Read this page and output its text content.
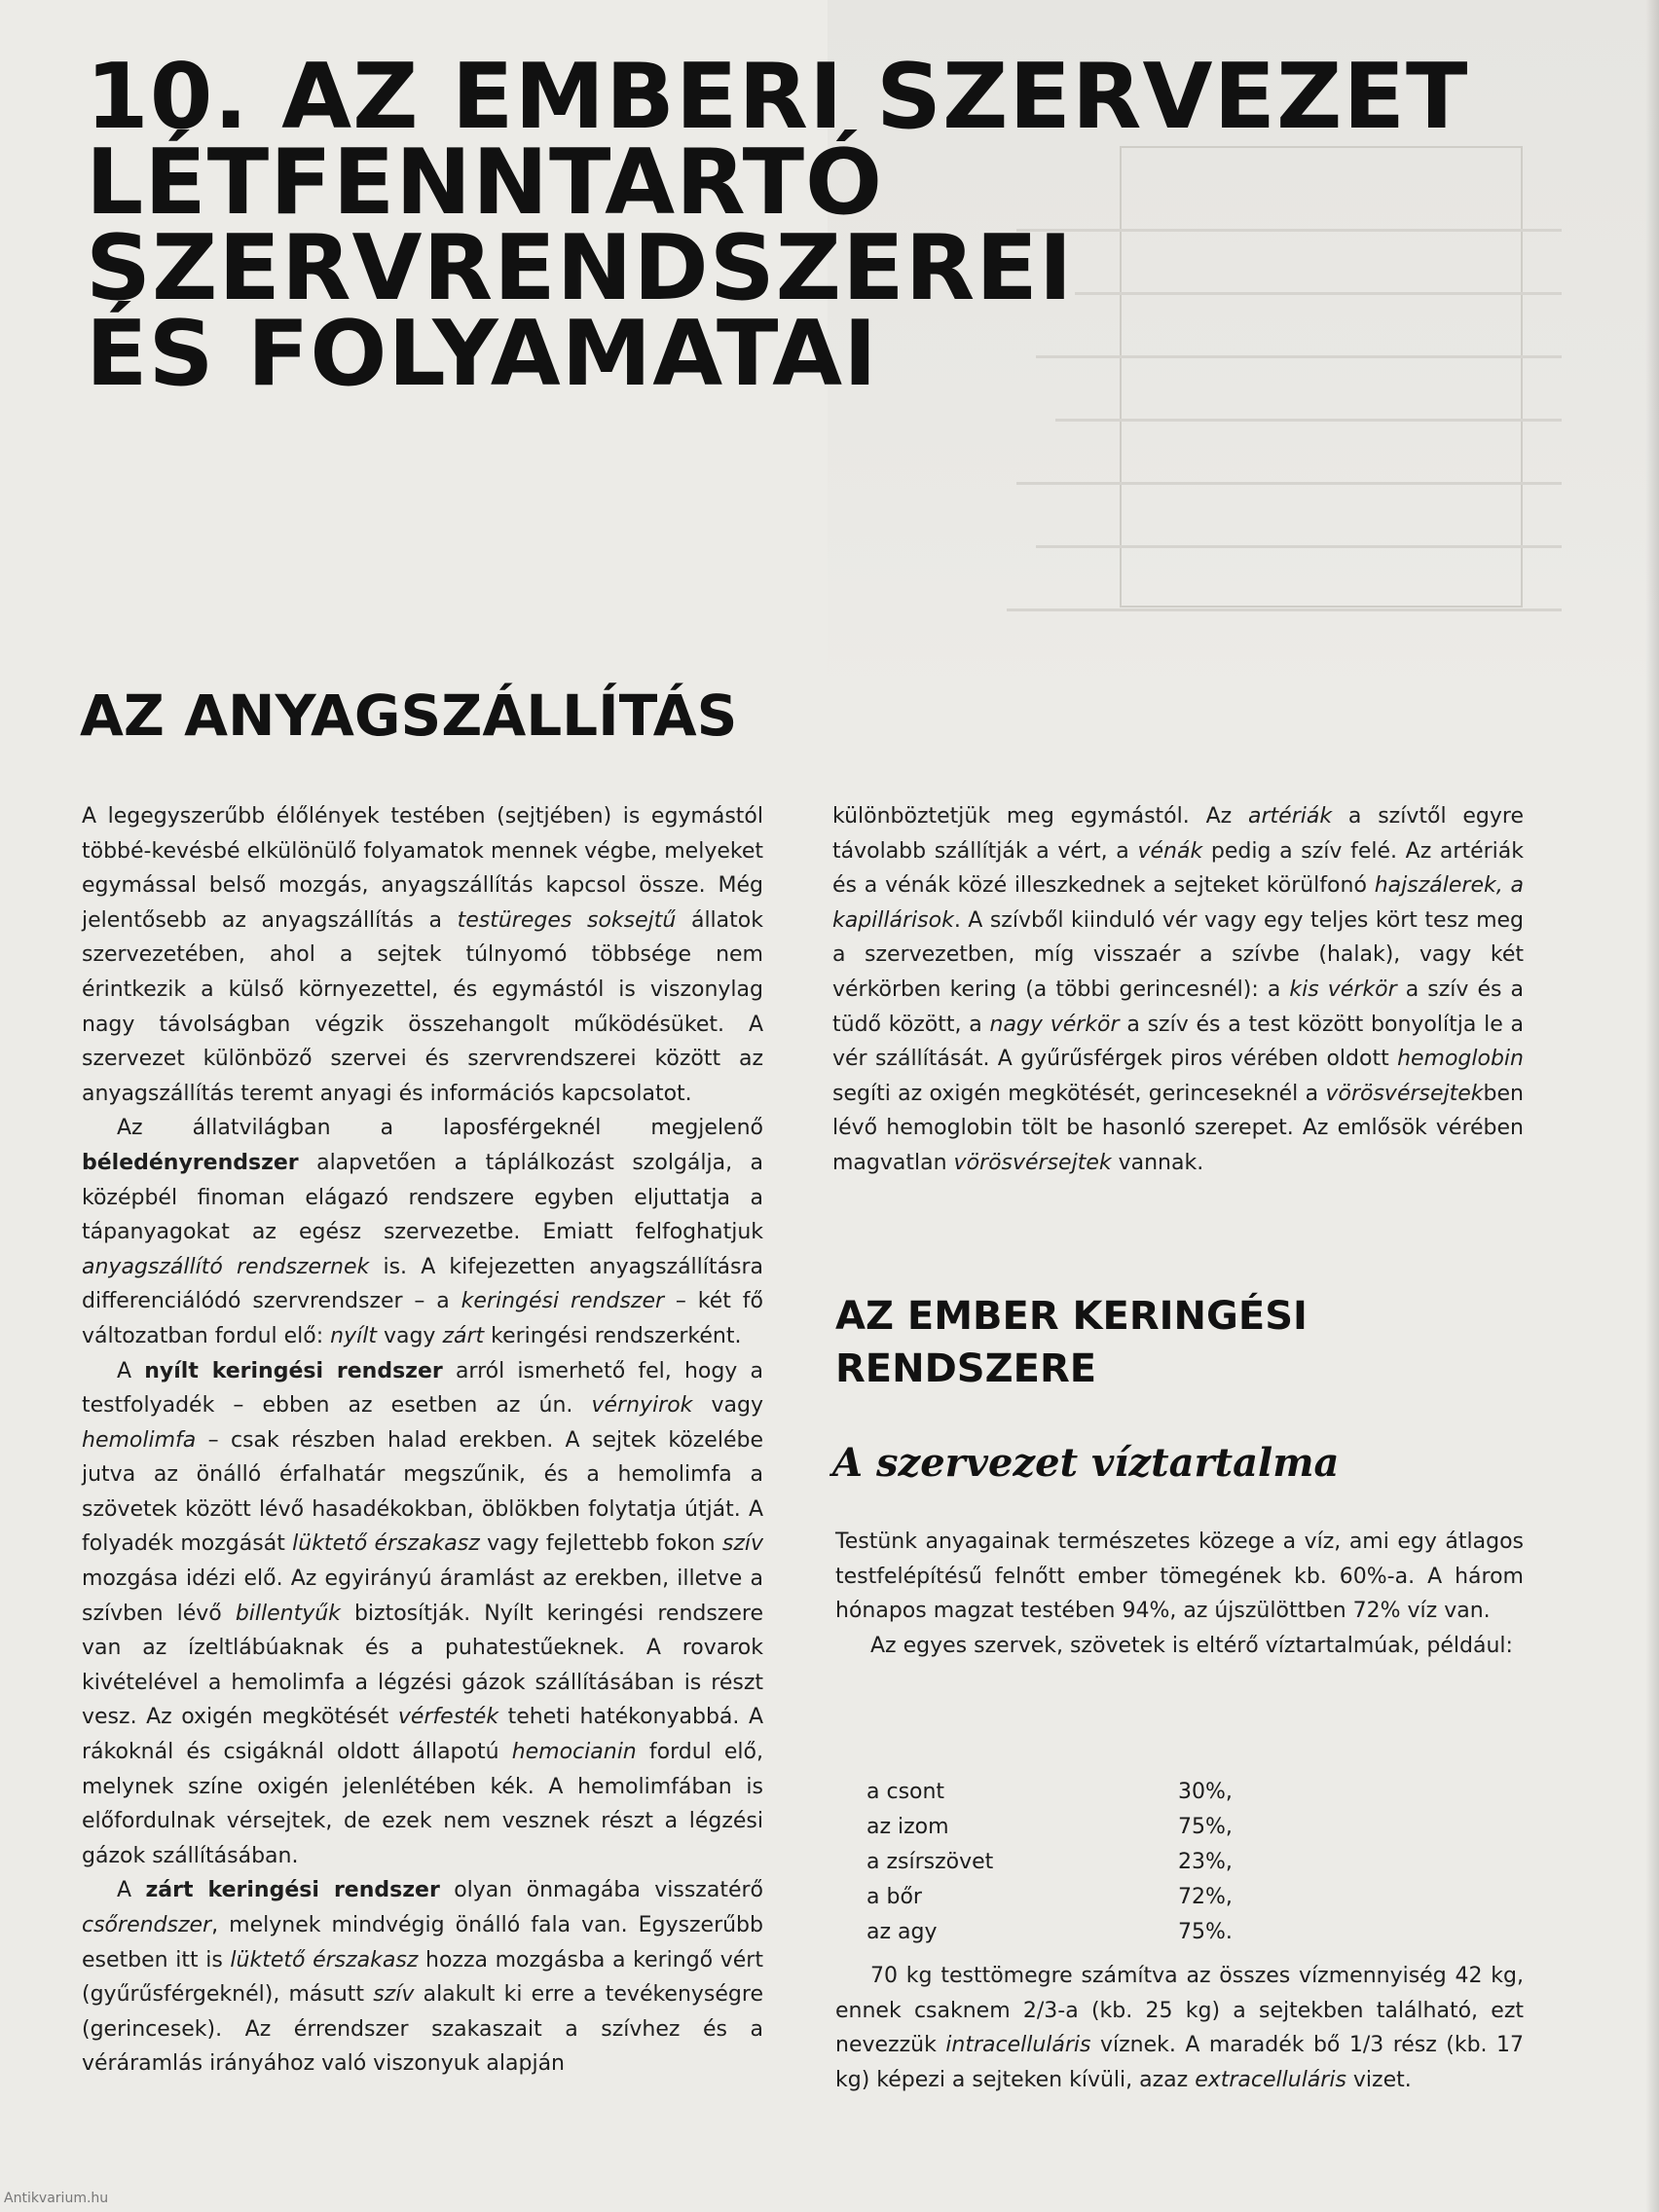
10. AZ EMBERI SZERVEZET
LÉTFENNTARTÓ
SZERVRENDSZEREI
ÉS FOLYAMATAI
AZ ANYAGSZÁLLÍTÁS

A legegyszerűbb élőlények testében (sejtjében) is egymástól többé-kevésbé elkülönülő folyamatok mennek végbe, melyeket egymással belső mozgás, anyagszállítás kapcsol össze. Még jelentősebb az anyagszállítás a testüreges soksejtű állatok szervezetében, ahol a sejtek túlnyomó többsége nem érintkezik a külső környezettel, és egymástól is viszonylag nagy távolságban végzik összehangolt működésüket. A szervezet különböző szervei és szervrendszerei között az anyagszállítás teremt anyagi és információs kapcsolatot.

Az állatvilágban a laposférgeknél megjelenő béledényrendszer alapvetően a táplálkozást szolgálja, a középbél finoman elágazó rendszere egyben eljuttatja a tápanyagokat az egész szervezetbe. Emiatt felfoghatjuk anyagszállító rendszernek is. A kifejezetten anyagszállításra differenciálódó szervrendszer – a keringési rendszer – két fő változatban fordul elő: nyílt vagy zárt keringési rendszerként.

A nyílt keringési rendszer arról ismerhető fel, hogy a testfolyadék – ebben az esetben az ún. vérnyirok vagy hemolimfa – csak részben halad erekben. A sejtek közelébe jutva az önálló érfalhatár megszűnik, és a hemolimfa a szövetek között lévő hasadékokban, öblökben folytatja útját. A folyadék mozgását lüktető érszakasz vagy fejlettebb fokon szív mozgása idézi elő. Az egyirányú áramlást az erekben, illetve a szívben lévő billentyűk biztosítják. Nyílt keringési rendszere van az ízeltlábúaknak és a puhatestűeknek. A rovarok kivételével a hemolimfa a légzési gázok szállításában is részt vesz. Az oxigén megkötését vérfesték teheti hatékonyabbá. A rákoknál és csigáknál oldott állapotú hemocianin fordul elő, melynek színe oxigén jelenlétében kék. A hemolimfában is előfordulnak vérsejtek, de ezek nem vesznek részt a légzési gázok szállításában.

A zárt keringési rendszer olyan önmagába visszatérő csőrendszer, melynek mindvégig önálló fala van. Egyszerűbb esetben itt is lüktető érszakasz hozza mozgásba a keringő vért (gyűrűsférgeknél), másutt szív alakult ki erre a tevékenységre (gerincesek). Az érrendszer szakaszait a szívhez és a véráramlás irányához való viszonyuk alapján

különböztetjük meg egymástól. Az artériák a szívtől egyre távolabb szállítják a vért, a vénák pedig a szív felé. Az artériák és a vénák közé illeszkednek a sejteket körülfonó hajszálerek, a kapillárisok. A szívből kiinduló vér vagy egy teljes kört tesz meg a szervezetben, míg visszaér a szívbe (halak), vagy két vérkörben kering (a többi gerincesnél): a kis vérkör a szív és a tüdő között, a nagy vérkör a szív és a test között bonyolítja le a vér szállítását. A gyűrűsférgek piros vérében oldott hemoglobin segíti az oxigén megkötését, gerinceseknél a vörösvérsejtekben lévő hemoglobin tölt be hasonló szerepet. Az emlősök vérében magvatlan vörösvérsejtek vannak.

AZ EMBER KERINGÉSI
RENDSZERE
A szervezet víztartalma

Testünk anyagainak természetes közege a víz, ami egy átlagos testfelépítésű felnőtt ember tömegének kb. 60%-a. A három hónapos magzat testében 94%, az újszülöttben 72% víz van.

Az egyes szervek, szövetek is eltérő víztartalmúak, például:

a csont	30%,
az izom	75%,
a zsírszövet	23%,
a bőr	72%,
az agy	75%.

70 kg testtömegre számítva az összes vízmennyiség 42 kg, ennek csaknem 2/3-a (kb. 25 kg) a sejtekben található, ezt nevezzük intracelluláris víznek. A maradék bő 1/3 rész (kb. 17 kg) képezi a sejteken kívüli, azaz extracelluláris vizet.

Antikvarium.hu
